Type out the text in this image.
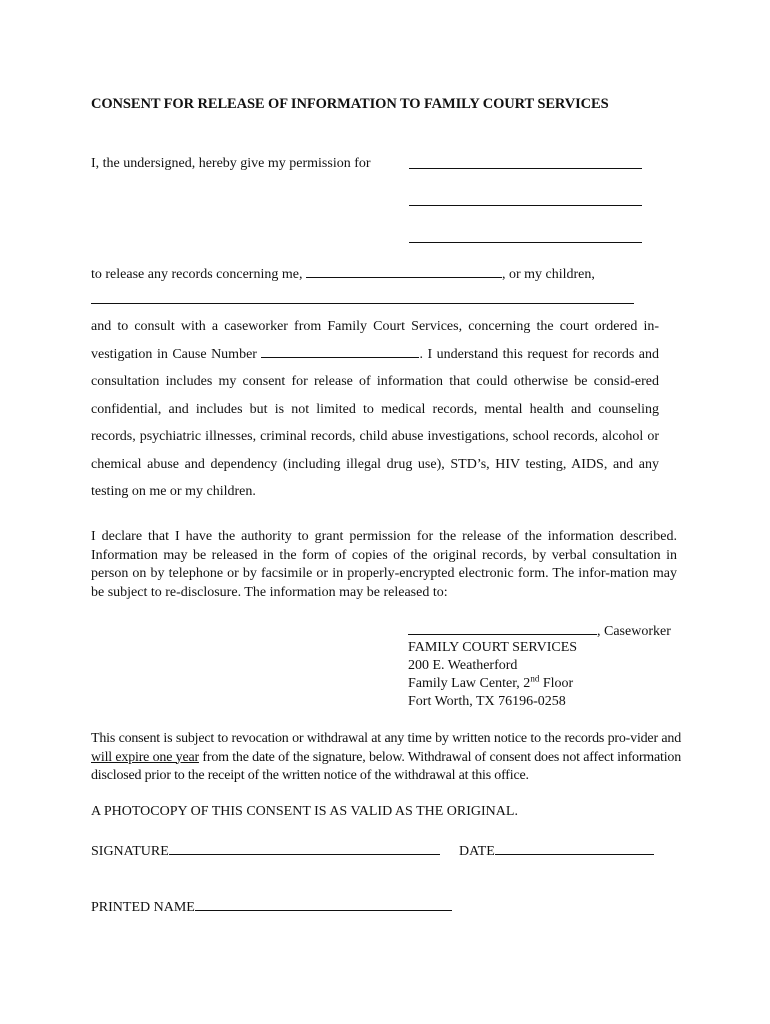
CONSENT FOR RELEASE OF INFORMATION TO FAMILY COURT SERVICES
I, the undersigned, hereby give my permission for
to release any records concerning me,	, or my children,
and to consult with a caseworker from Family Court Services, concerning the court ordered in-vestigation in Cause Number	. I understand this request for records and consultation includes my consent for release of information that could otherwise be consid-ered confidential, and includes but is not limited to medical records, mental health and counseling records, psychiatric illnesses, criminal records, child abuse investigations, school records, alcohol or chemical abuse and dependency (including illegal drug use), STD’s, HIV testing, AIDS, and any testing on me or my children.
I declare that I have the authority to grant permission for the release of the information described. Information may be released in the form of copies of the original records, by verbal consultation in person on by telephone or by facsimile or in properly-encrypted electronic form. The infor-mation may be subject to re-disclosure. The information may be released to:
, Caseworker
FAMILY COURT SERVICES
200 E. Weatherford
Family Law Center, 2nd Floor
Fort Worth, TX 76196-0258
This consent is subject to revocation or withdrawal at any time by written notice to the records pro-vider and will expire one year from the date of the signature, below. Withdrawal of consent does not affect information disclosed prior to the receipt of the written notice of the withdrawal at this office.
A PHOTOCOPY OF THIS CONSENT IS AS VALID AS THE ORIGINAL.
SIGNATURE	DATE
PRINTED NAME
